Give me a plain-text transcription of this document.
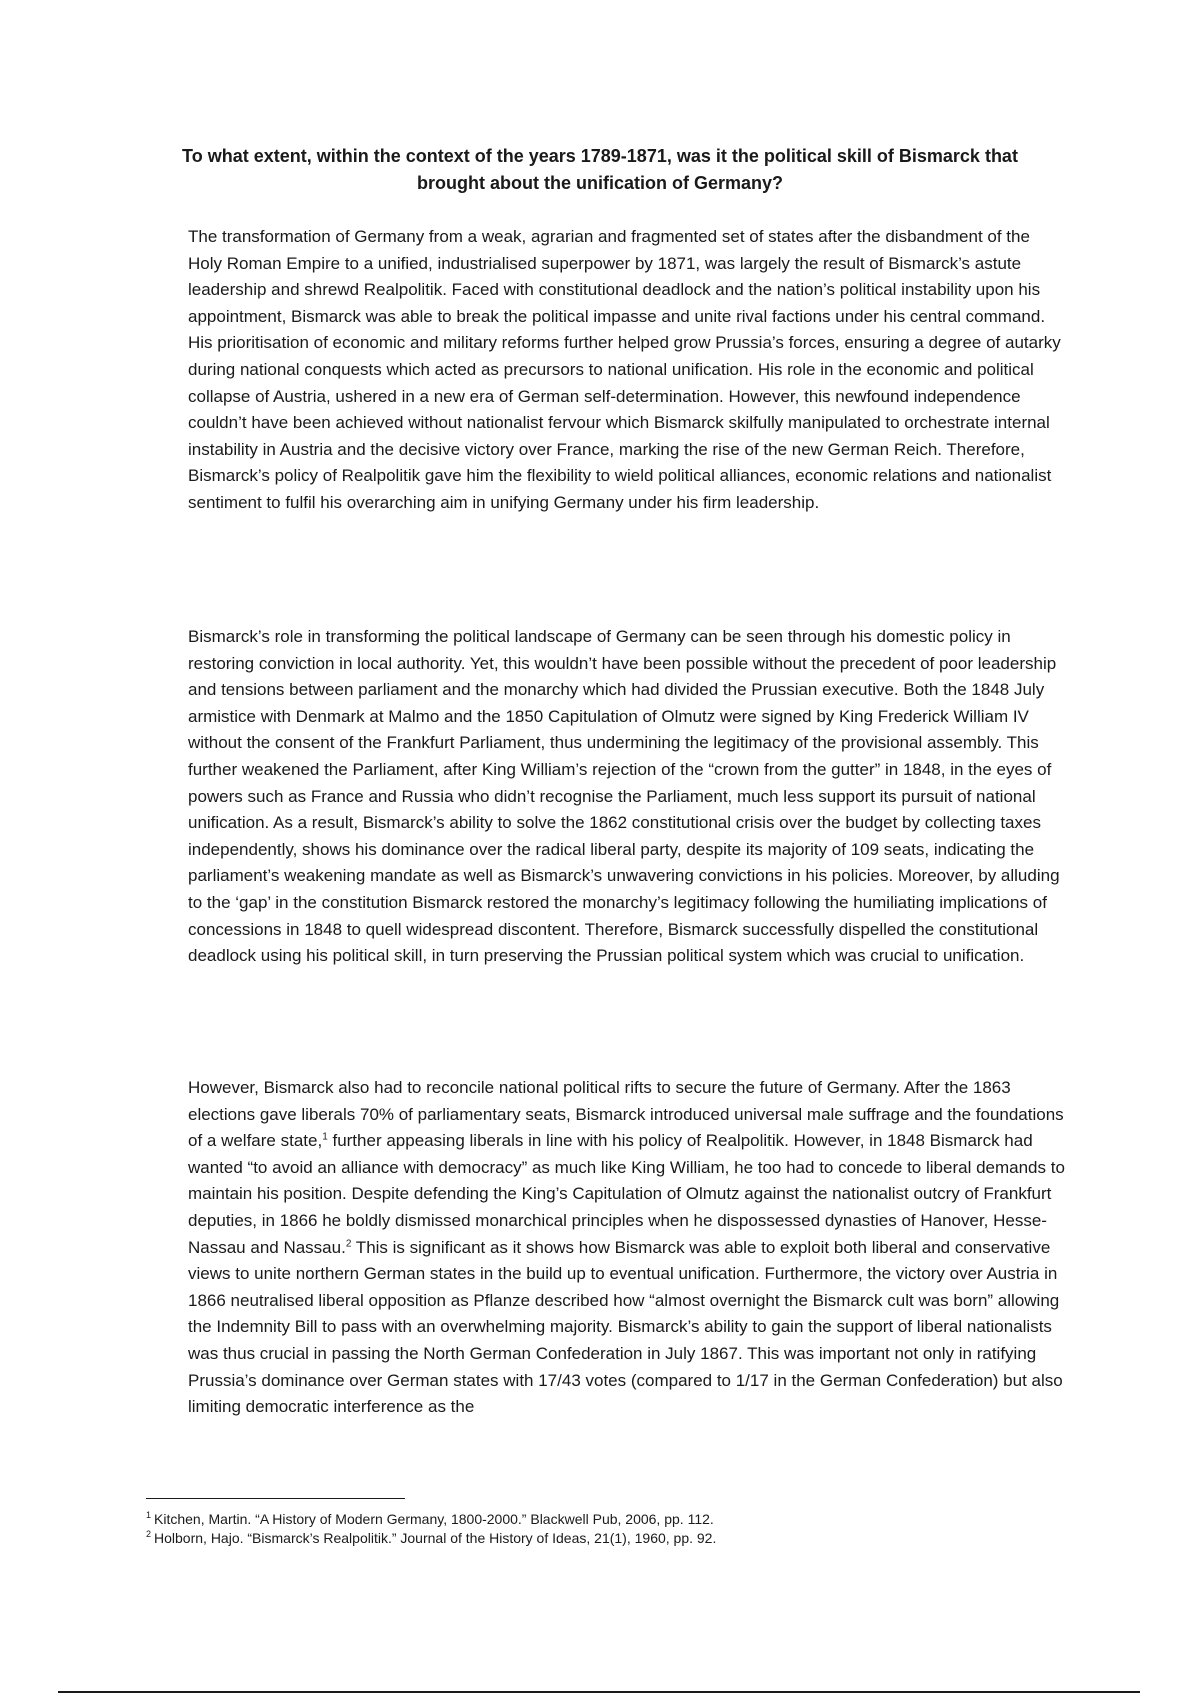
To what extent, within the context of the years 1789-1871, was it the political skill of Bismarck that brought about the unification of Germany?

The transformation of Germany from a weak, agrarian and fragmented set of states after the disbandment of the Holy Roman Empire to a unified, industrialised superpower by 1871, was largely the result of Bismarck’s astute leadership and shrewd Realpolitik. Faced with constitutional deadlock and the nation’s political instability upon his appointment, Bismarck was able to break the political impasse and unite rival factions under his central command. His prioritisation of economic and military reforms further helped grow Prussia’s forces, ensuring a degree of autarky during national conquests which acted as precursors to national unification. His role in the economic and political collapse of Austria, ushered in a new era of German self-determination. However, this newfound independence couldn’t have been achieved without nationalist fervour which Bismarck skilfully manipulated to orchestrate internal instability in Austria and the decisive victory over France, marking the rise of the new German Reich. Therefore, Bismarck’s policy of Realpolitik gave him the flexibility to wield political alliances, economic relations and nationalist sentiment to fulfil his overarching aim in unifying Germany under his firm leadership.

Bismarck’s role in transforming the political landscape of Germany can be seen through his domestic policy in restoring conviction in local authority. Yet, this wouldn’t have been possible without the precedent of poor leadership and tensions between parliament and the monarchy which had divided the Prussian executive. Both the 1848 July armistice with Denmark at Malmo and the 1850 Capitulation of Olmutz were signed by King Frederick William IV without the consent of the Frankfurt Parliament, thus undermining the legitimacy of the provisional assembly. This further weakened the Parliament, after King William’s rejection of the “crown from the gutter” in 1848, in the eyes of powers such as France and Russia who didn’t recognise the Parliament, much less support its pursuit of national unification. As a result, Bismarck’s ability to solve the 1862 constitutional crisis over the budget by collecting taxes independently, shows his dominance over the radical liberal party, despite its majority of 109 seats, indicating the parliament’s weakening mandate as well as Bismarck’s unwavering convictions in his policies. Moreover, by alluding to the ‘gap’ in the constitution Bismarck restored the monarchy’s legitimacy following the humiliating implications of concessions in 1848 to quell widespread discontent. Therefore, Bismarck successfully dispelled the constitutional deadlock using his political skill, in turn preserving the Prussian political system which was crucial to unification.

However, Bismarck also had to reconcile national political rifts to secure the future of Germany. After the 1863 elections gave liberals 70% of parliamentary seats, Bismarck introduced universal male suffrage and the foundations of a welfare state,$^1$ further appeasing liberals in line with his policy of Realpolitik. However, in 1848 Bismarck had wanted “to avoid an alliance with democracy” as much like King William, he too had to concede to liberal demands to maintain his position. Despite defending the King’s Capitulation of Olmutz against the nationalist outcry of Frankfurt deputies, in 1866 he boldly dismissed monarchical principles when he dispossessed dynasties of Hanover, Hesse-Nassau and Nassau.$^2$ This is significant as it shows how Bismarck was able to exploit both liberal and conservative views to unite northern German states in the build up to eventual unification. Furthermore, the victory over Austria in 1866 neutralised liberal opposition as Pflanze described how “almost overnight the Bismarck cult was born” allowing the Indemnity Bill to pass with an overwhelming majority. Bismarck’s ability to gain the support of liberal nationalists was thus crucial in passing the North German Confederation in July 1867. This was important not only in ratifying Prussia’s dominance over German states with 17/43 votes (compared to 1/17 in the German Confederation) but also limiting democratic interference as the

$^1$ Kitchen, Martin. “A History of Modern Germany, 1800-2000.” Blackwell Pub, 2006, pp. 112.

$^2$ Holborn, Hajo. “Bismarck’s Realpolitik.” Journal of the History of Ideas, 21(1), 1960, pp. 92.
